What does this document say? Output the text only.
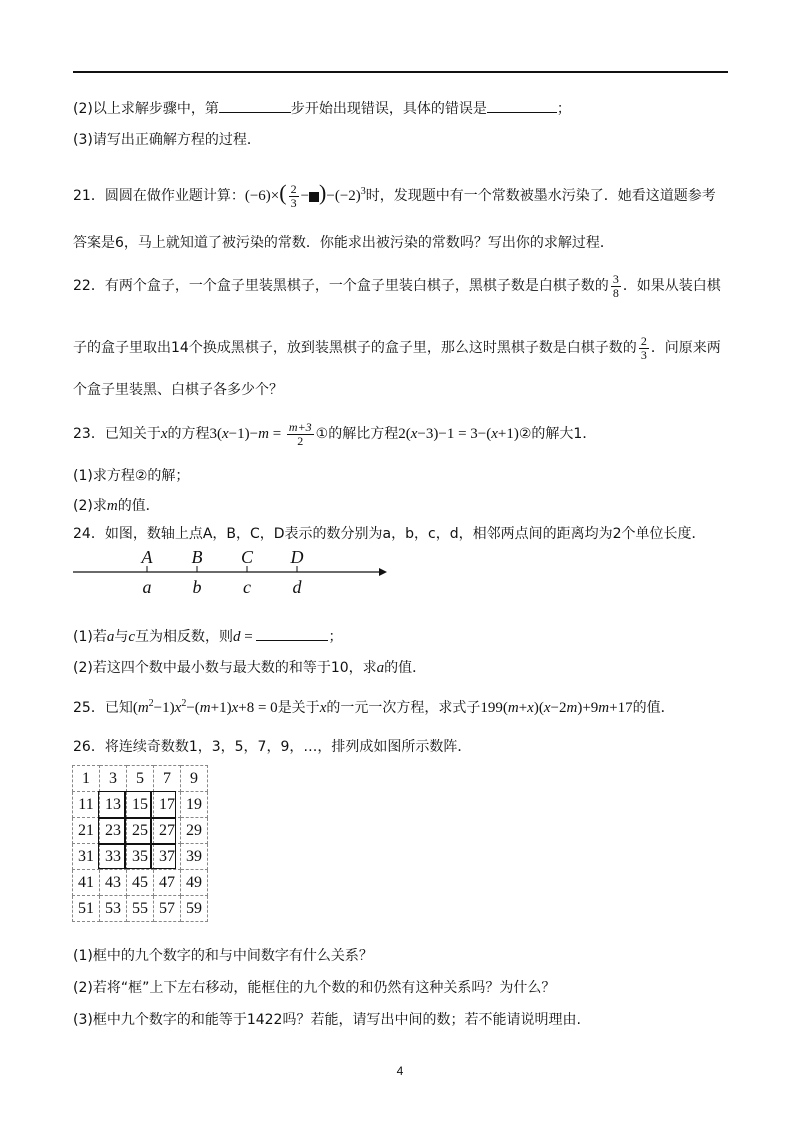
(2)以上求解步骤中，第	步开始出现错误，具体的错误是	；
(3)请写出正确解方程的过程．
21．圆圆在做作业题计算：$(-6)\times( \frac{2}{3} - )-(-2)^3$时，发现题中有一个常数被墨水污染了．她看这道题参考
答案是6，马上就知道了被污染的常数．你能求出被污染的常数吗？写出你的求解过程．
22．有两个盒子，一个盒子里装黑棋子，一个盒子里装白棋子，黑棋子数是白棋子数的 $\frac{3}{8}$ ．如果从装白棋
子的盒子里取出14个换成黑棋子，放到装黑棋子的盒子里，那么这时黑棋子数是白棋子数的 $\frac{2}{3}$ ．问原来两
个盒子里装黑、白棋子各多少个？
23．已知关于x的方程$3(x-1)-m = \frac{m+3}{2}$ ①的解比方程2(x−3)−1 = 3−(x+1)②的解大1．
(1)求方程②的解；
(2)求m的值．
24．如图，数轴上点A，B，C，D表示的数分别为a，b，c，d，相邻两点间的距离均为2个单位长度．
A B C D
a b c d
(1)若a与c互为相反数，则d =	；
(2)若这四个数中最小数与最大数的和等于10，求a的值．
25．已知$(m^2-1)x^2-(m+1)x+8 = 0$是关于x的一元一次方程，求式子199(m+x)(x−2m)+9m+17的值．
26．将连续奇数数1，3，5，7，9，…，排列成如图所示数阵．
1	3	5	7	9
11	13	15	17	19
21	23	25	27	29
31	33	35	37	39
41	43	45	47	49
51	53	55	57	59
(1)框中的九个数字的和与中间数字有什么关系？
(2)若将“框”上下左右移动，能框住的九个数的和仍然有这种关系吗？为什么？
(3)框中九个数字的和能等于1422吗？若能，请写出中间的数；若不能请说明理由.
4
